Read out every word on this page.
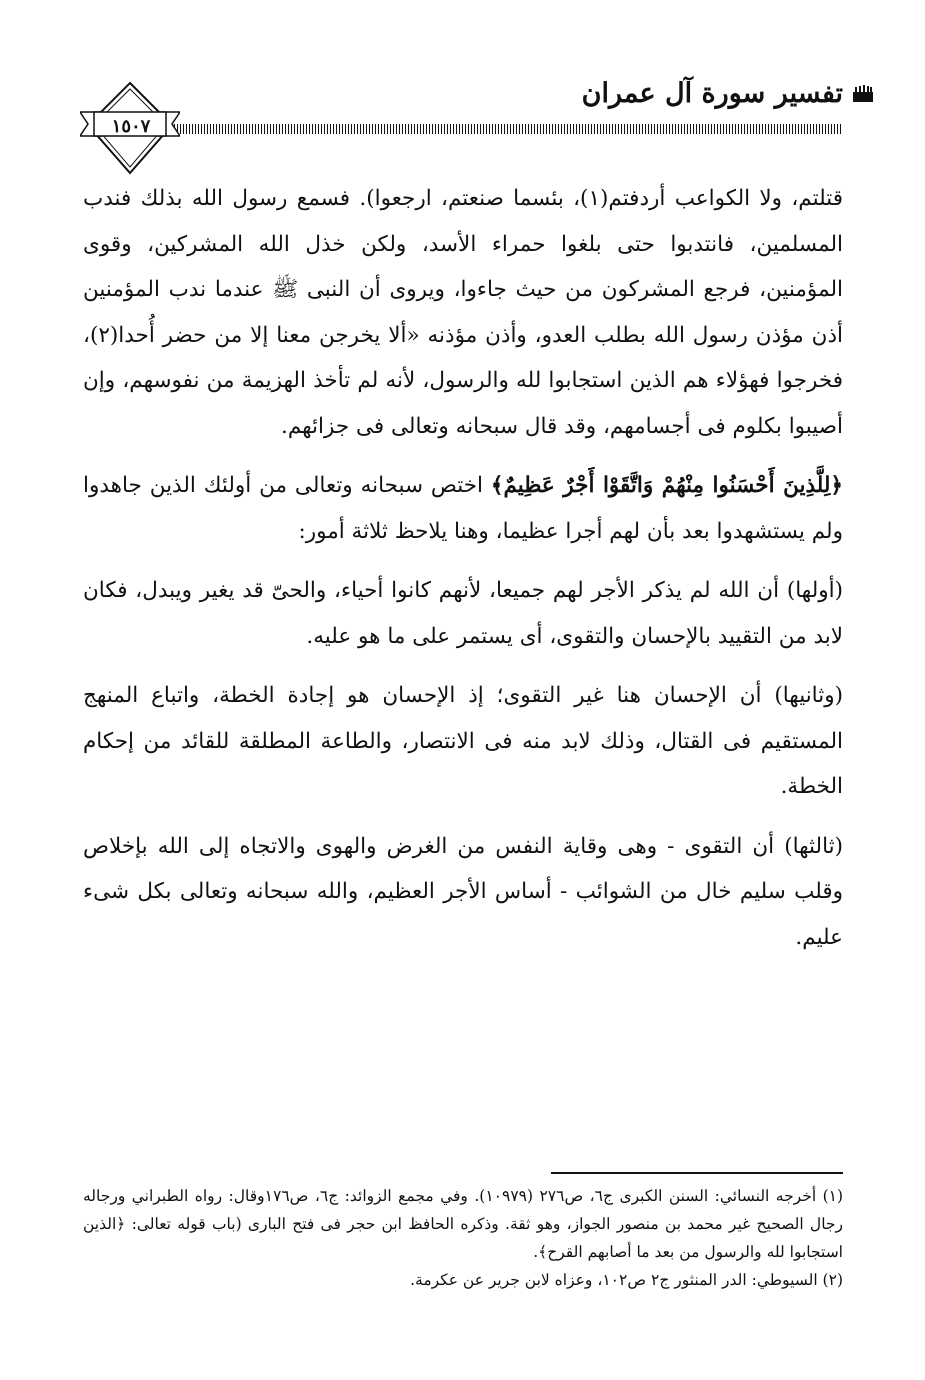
تفسير سورة آل عمران
١٥٠٧

قتلتم، ولا الكواعب أردفتم(١)، بئسما صنعتم، ارجعوا). فسمع رسول الله بذلك فندب المسلمين، فانتدبوا حتى بلغوا حمراء الأسد، ولكن خذل الله المشركين، وقوى المؤمنين، فرجع المشركون من حيث جاءوا، ويروى أن النبى ﷺ عندما ندب المؤمنين أذن مؤذن رسول الله بطلب العدو، وأذن مؤذنه «ألا يخرجن معنا إلا من حضر أُحدا(٢)، فخرجوا فهؤلاء هم الذين استجابوا لله والرسول، لأنه لم تأخذ الهزيمة من نفوسهم، وإن أصيبوا بكلوم فى أجسامهم، وقد قال سبحانه وتعالى فى جزائهم.

﴿لِلَّذِينَ أَحْسَنُوا مِنْهُمْ وَاتَّقَوْا أَجْرٌ عَظِيمٌ﴾ اختص سبحانه وتعالى من أولئك الذين جاهدوا ولم يستشهدوا بعد بأن لهم أجرا عظيما، وهنا يلاحظ ثلاثة أمور:

(أولها) أن الله لم يذكر الأجر لهم جميعا، لأنهم كانوا أحياء، والحىّ قد يغير ويبدل، فكان لابد من التقييد بالإحسان والتقوى، أى يستمر على ما هو عليه.

(وثانيها) أن الإحسان هنا غير التقوى؛ إذ الإحسان هو إجادة الخطة، واتباع المنهج المستقيم فى القتال، وذلك لابد منه فى الانتصار، والطاعة المطلقة للقائد من إحكام الخطة.

(ثالثها) أن التقوى - وهى وقاية النفس من الغرض والهوى والاتجاه إلى الله بإخلاص وقلب سليم خال من الشوائب - أساس الأجر العظيم، والله سبحانه وتعالى بكل شىء عليم.

(١) أخرجه النسائي: السنن الكبرى ج٦، ص٢٧٦ (١٠٩٧٩). وفي مجمع الزوائد: ج٦، ص١٧٦وقال: رواه الطبراني ورجاله رجال الصحيح غير محمد بن منصور الجواز، وهو ثقة. وذكره الحافظ ابن حجر فى فتح البارى (باب قوله تعالى: ﴿الذين استجابوا لله والرسول من بعد ما أصابهم القرح﴾.

(٢) السيوطي: الدر المنثور ج٢ ص١٠٢، وعزاه لابن جرير عن عكرمة.
